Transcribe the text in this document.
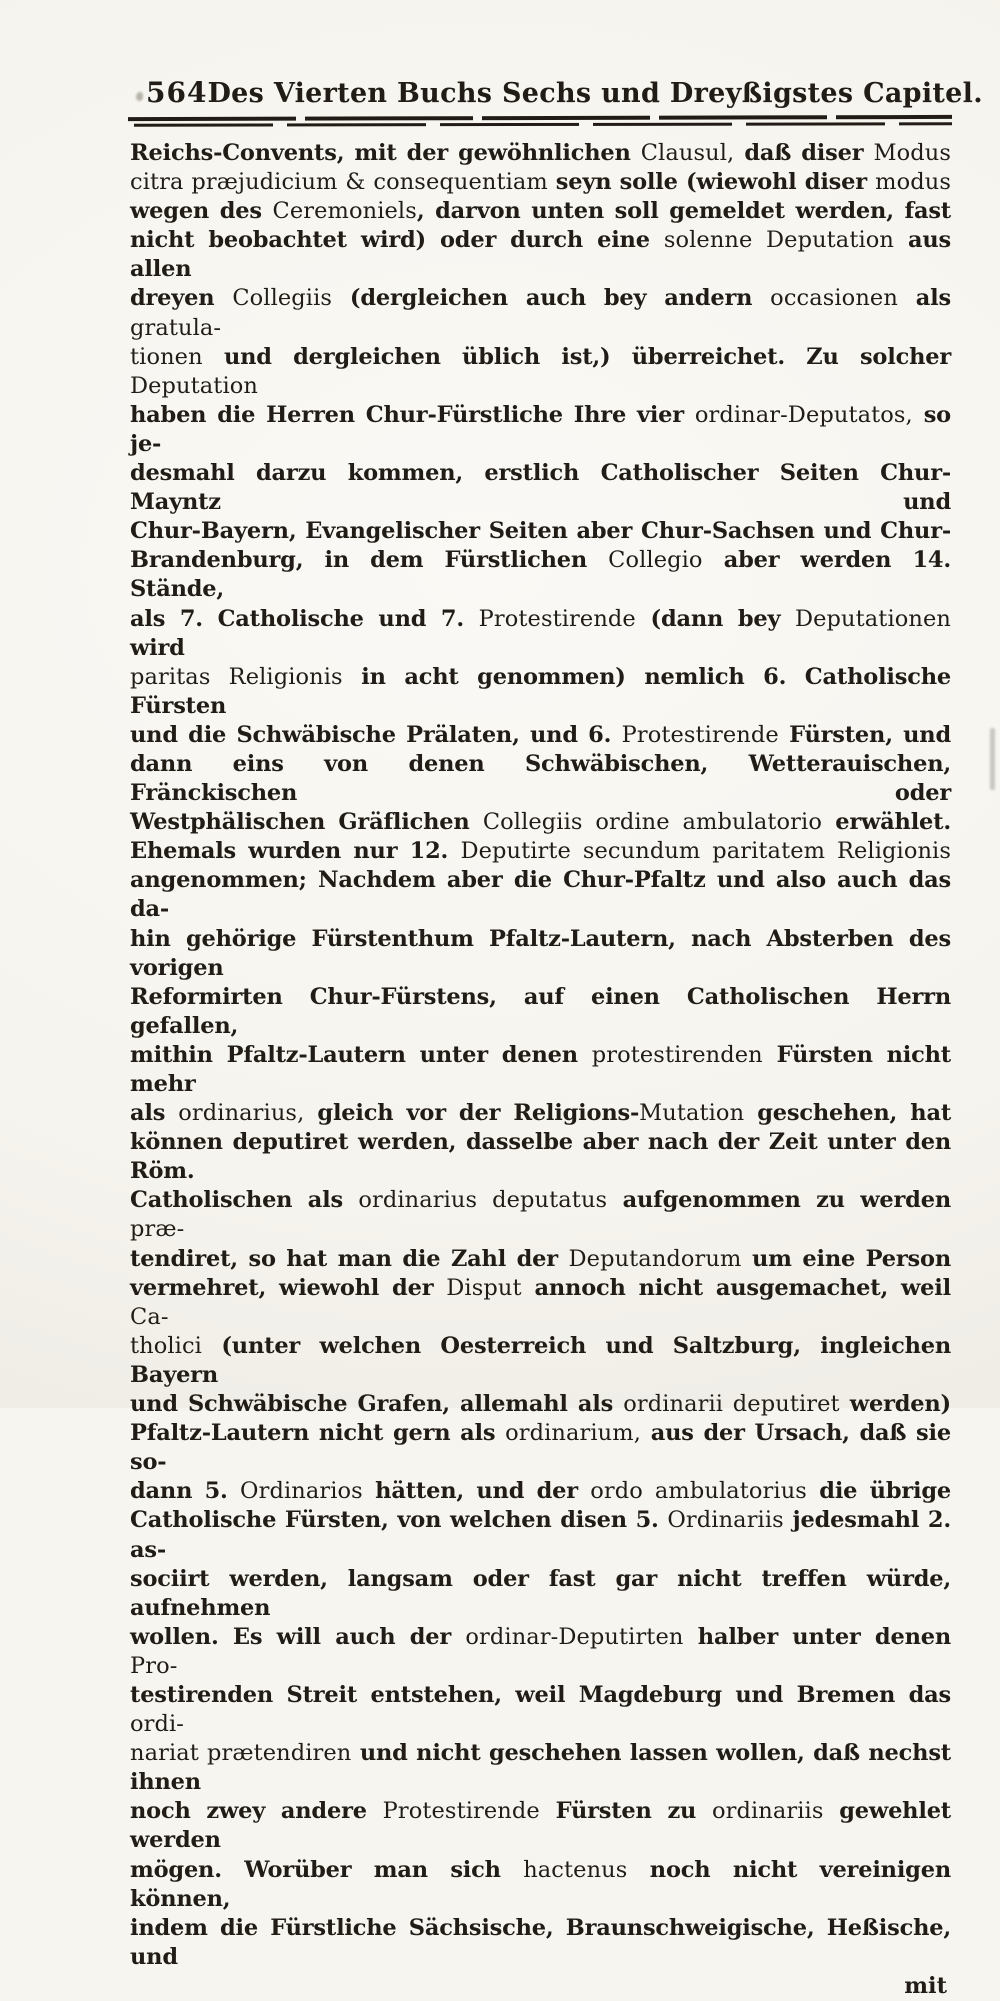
564 Des Vierten Buchs Sechs und Dreyßigstes Capitel.
Reichs-Convents, mit der gewöhnlichen Clausul, daß diser Modus
citra præjudicium & consequentiam seyn solle (wiewohl diser modus
wegen des Ceremoniels, darvon unten soll gemeldet werden, fast
nicht beobachtet wird) oder durch eine solenne Deputation aus allen
dreyen Collegiis (dergleichen auch bey andern occasionen als gratula-
tionen und dergleichen üblich ist,) überreichet. Zu solcher Deputation
haben die Herren Chur-Fürstliche Ihre vier ordinar-Deputatos, so je-
desmahl darzu kommen, erstlich Catholischer Seiten Chur-Mayntz und
Chur-Bayern, Evangelischer Seiten aber Chur-Sachsen und Chur-
Brandenburg, in dem Fürstlichen Collegio aber werden 14. Stände,
als 7. Catholische und 7. Protestirende (dann bey Deputationen wird
paritas Religionis in acht genommen) nemlich 6. Catholische Fürsten
und die Schwäbische Prälaten, und 6. Protestirende Fürsten, und
dann eins von denen Schwäbischen, Wetterauischen, Fränckischen oder
Westphälischen Gräflichen Collegiis ordine ambulatorio erwählet.
Ehemals wurden nur 12. Deputirte secundum paritatem Religionis
angenommen; Nachdem aber die Chur-Pfaltz und also auch das da-
hin gehörige Fürstenthum Pfaltz-Lautern, nach Absterben des vorigen
Reformirten Chur-Fürstens, auf einen Catholischen Herrn gefallen,
mithin Pfaltz-Lautern unter denen protestirenden Fürsten nicht mehr
als ordinarius, gleich vor der Religions-Mutation geschehen, hat
können deputiret werden, dasselbe aber nach der Zeit unter den Röm.
Catholischen als ordinarius deputatus aufgenommen zu werden præ-
tendiret, so hat man die Zahl der Deputandorum um eine Person
vermehret, wiewohl der Disput annoch nicht ausgemachet, weil Ca-
tholici (unter welchen Oesterreich und Saltzburg, ingleichen Bayern
und Schwäbische Grafen, allemahl als ordinarii deputiret werden)
Pfaltz-Lautern nicht gern als ordinarium, aus der Ursach, daß sie so-
dann 5. Ordinarios hätten, und der ordo ambulatorius die übrige
Catholische Fürsten, von welchen disen 5. Ordinariis jedesmahl 2. as-
sociirt werden, langsam oder fast gar nicht treffen würde, aufnehmen
wollen. Es will auch der ordinar-Deputirten halber unter denen Pro-
testirenden Streit entstehen, weil Magdeburg und Bremen das ordi-
nariat prætendiren und nicht geschehen lassen wollen, daß nechst ihnen
noch zwey andere Protestirende Fürsten zu ordinariis gewehlet werden
mögen. Worüber man sich hactenus noch nicht vereinigen können,
indem die Fürstliche Sächsische, Braunschweigische, Heßische, und
mit
